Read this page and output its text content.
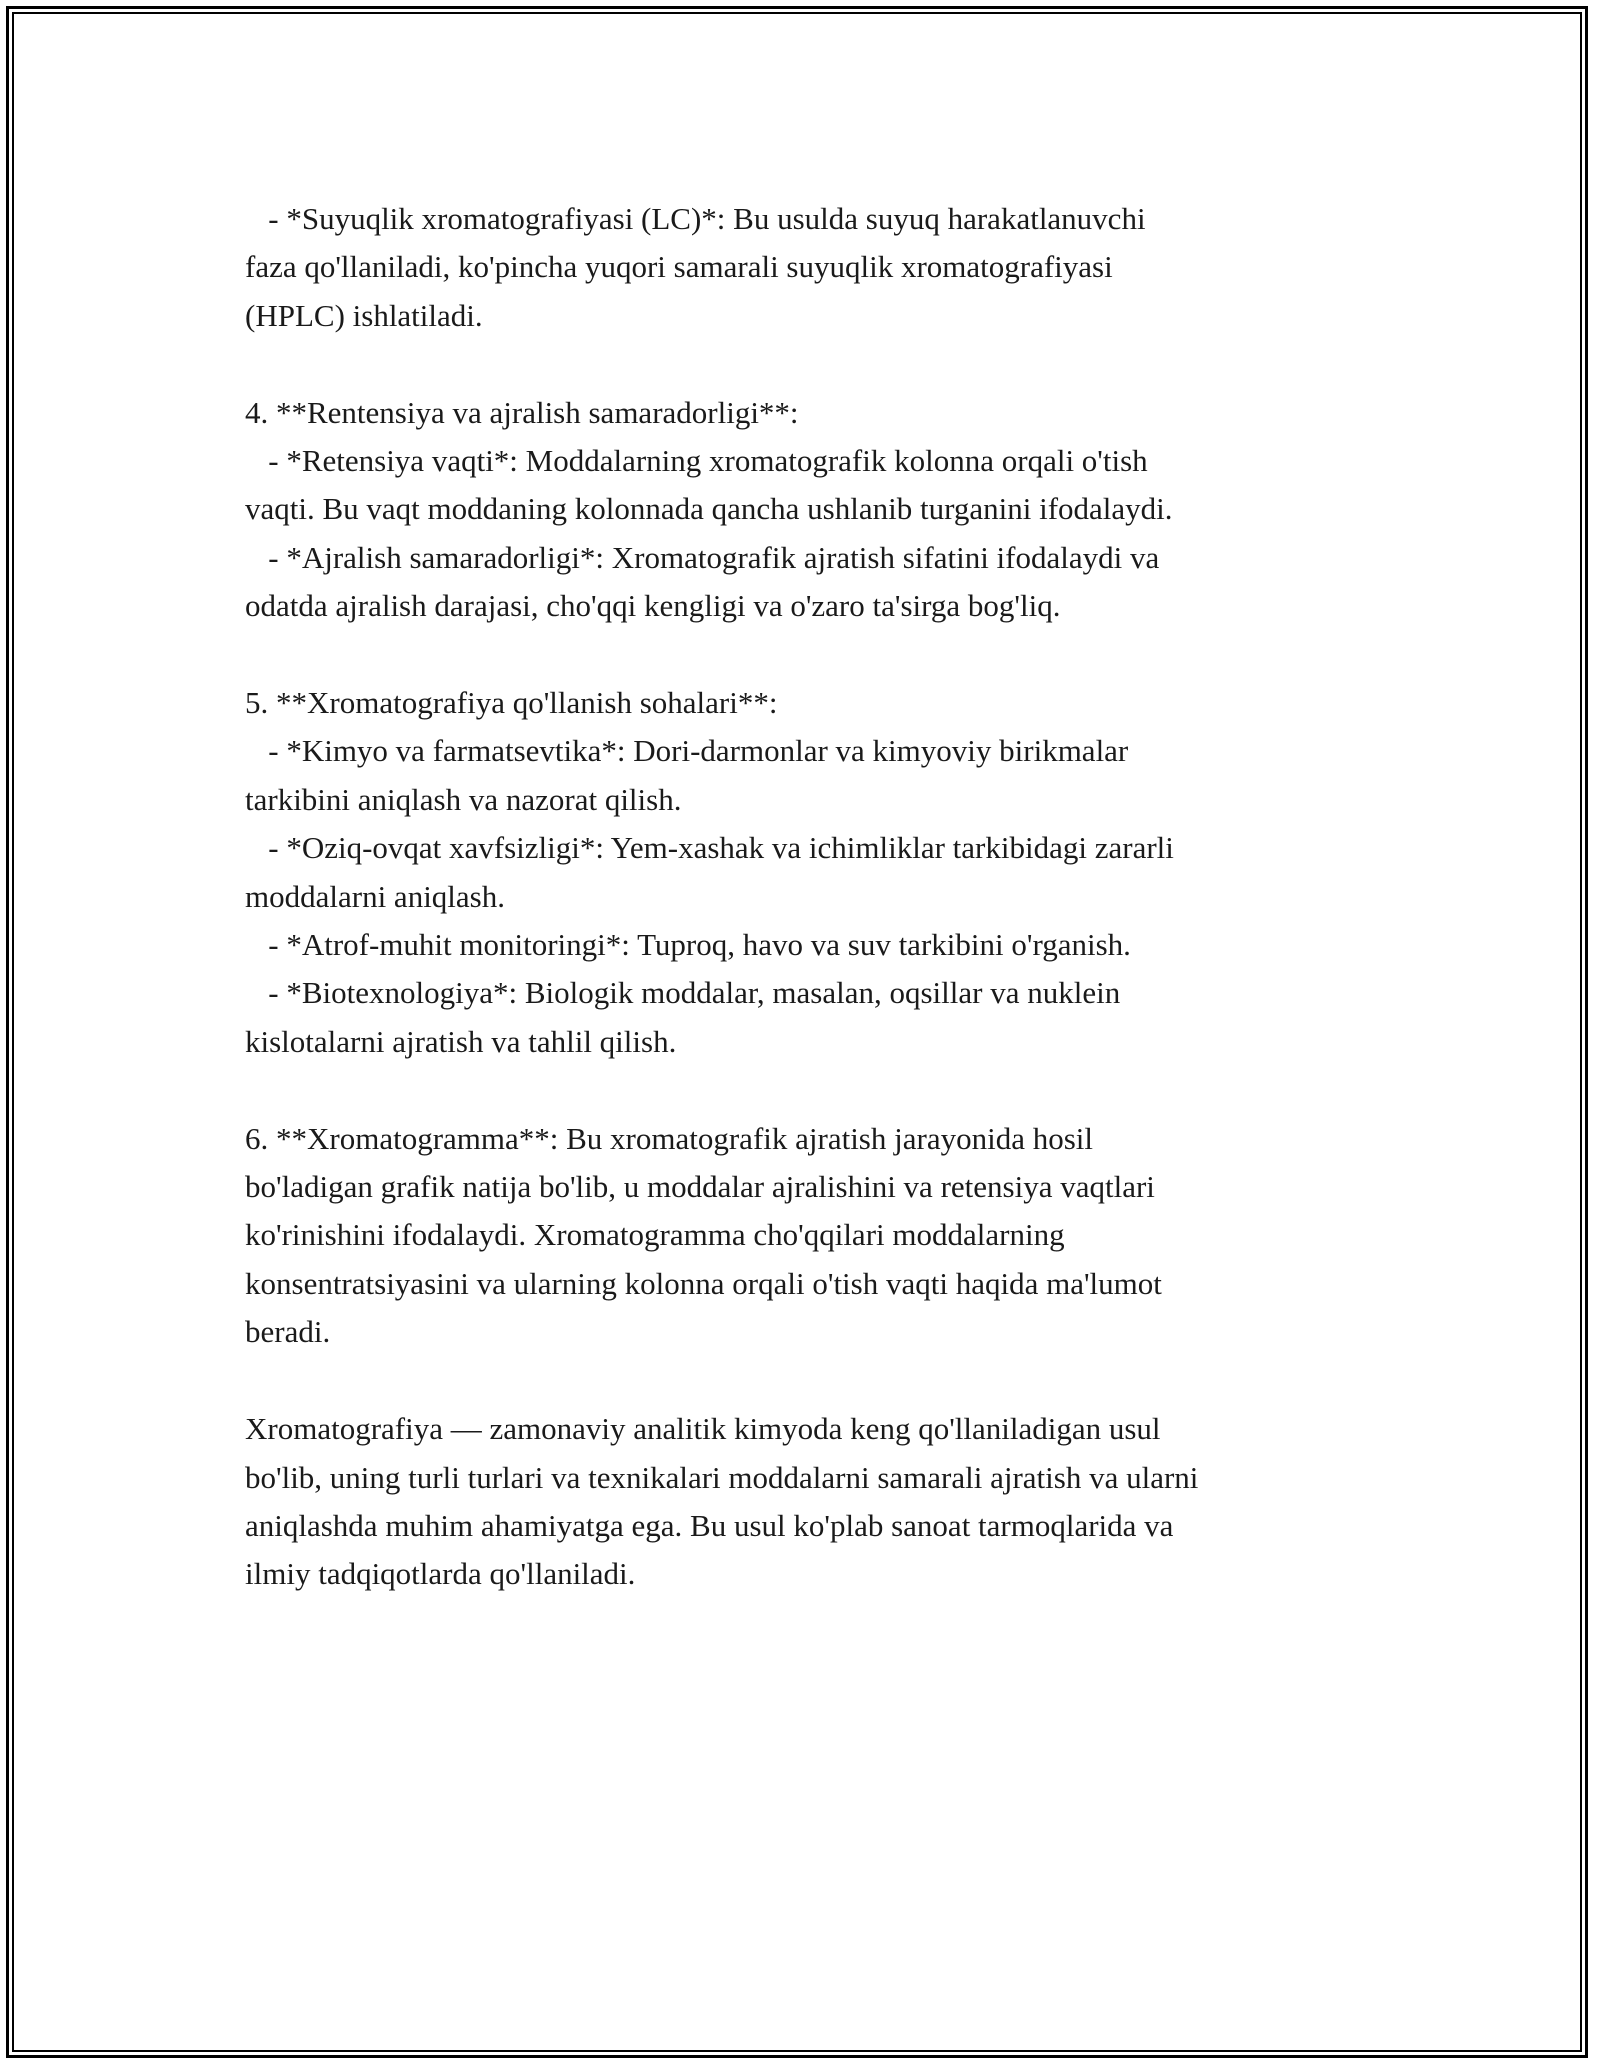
- *Suyuqlik xromatografiyasi (LC)*: Bu usulda suyuq harakatlanuvchi
faza qo'llaniladi, ko'pincha yuqori samarali suyuqlik xromatografiyasi
(HPLC) ishlatiladi.
4. **Rentensiya va ajralish samaradorligi**:
- *Retensiya vaqti*: Moddalarning xromatografik kolonna orqali o'tish
vaqti. Bu vaqt moddaning kolonnada qancha ushlanib turganini ifodalaydi.
- *Ajralish samaradorligi*: Xromatografik ajratish sifatini ifodalaydi va
odatda ajralish darajasi, cho'qqi kengligi va o'zaro ta'sirga bog'liq.
5. **Xromatografiya qo'llanish sohalari**:
- *Kimyo va farmatsevtika*: Dori-darmonlar va kimyoviy birikmalar
tarkibini aniqlash va nazorat qilish.
- *Oziq-ovqat xavfsizligi*: Yem-xashak va ichimliklar tarkibidagi zararli
moddalarni aniqlash.
- *Atrof-muhit monitoringi*: Tuproq, havo va suv tarkibini o'rganish.
- *Biotexnologiya*: Biologik moddalar, masalan, oqsillar va nuklein
kislotalarni ajratish va tahlil qilish.
6. **Xromatogramma**: Bu xromatografik ajratish jarayonida hosil
bo'ladigan grafik natija bo'lib, u moddalar ajralishini va retensiya vaqtlari
ko'rinishini ifodalaydi. Xromatogramma cho'qqilari moddalarning
konsentratsiyasini va ularning kolonna orqali o'tish vaqti haqida ma'lumot
beradi.
Xromatografiya — zamonaviy analitik kimyoda keng qo'llaniladigan usul
bo'lib, uning turli turlari va texnikalari moddalarni samarali ajratish va ularni
aniqlashda muhim ahamiyatga ega. Bu usul ko'plab sanoat tarmoqlarida va
ilmiy tadqiqotlarda qo'llaniladi.
